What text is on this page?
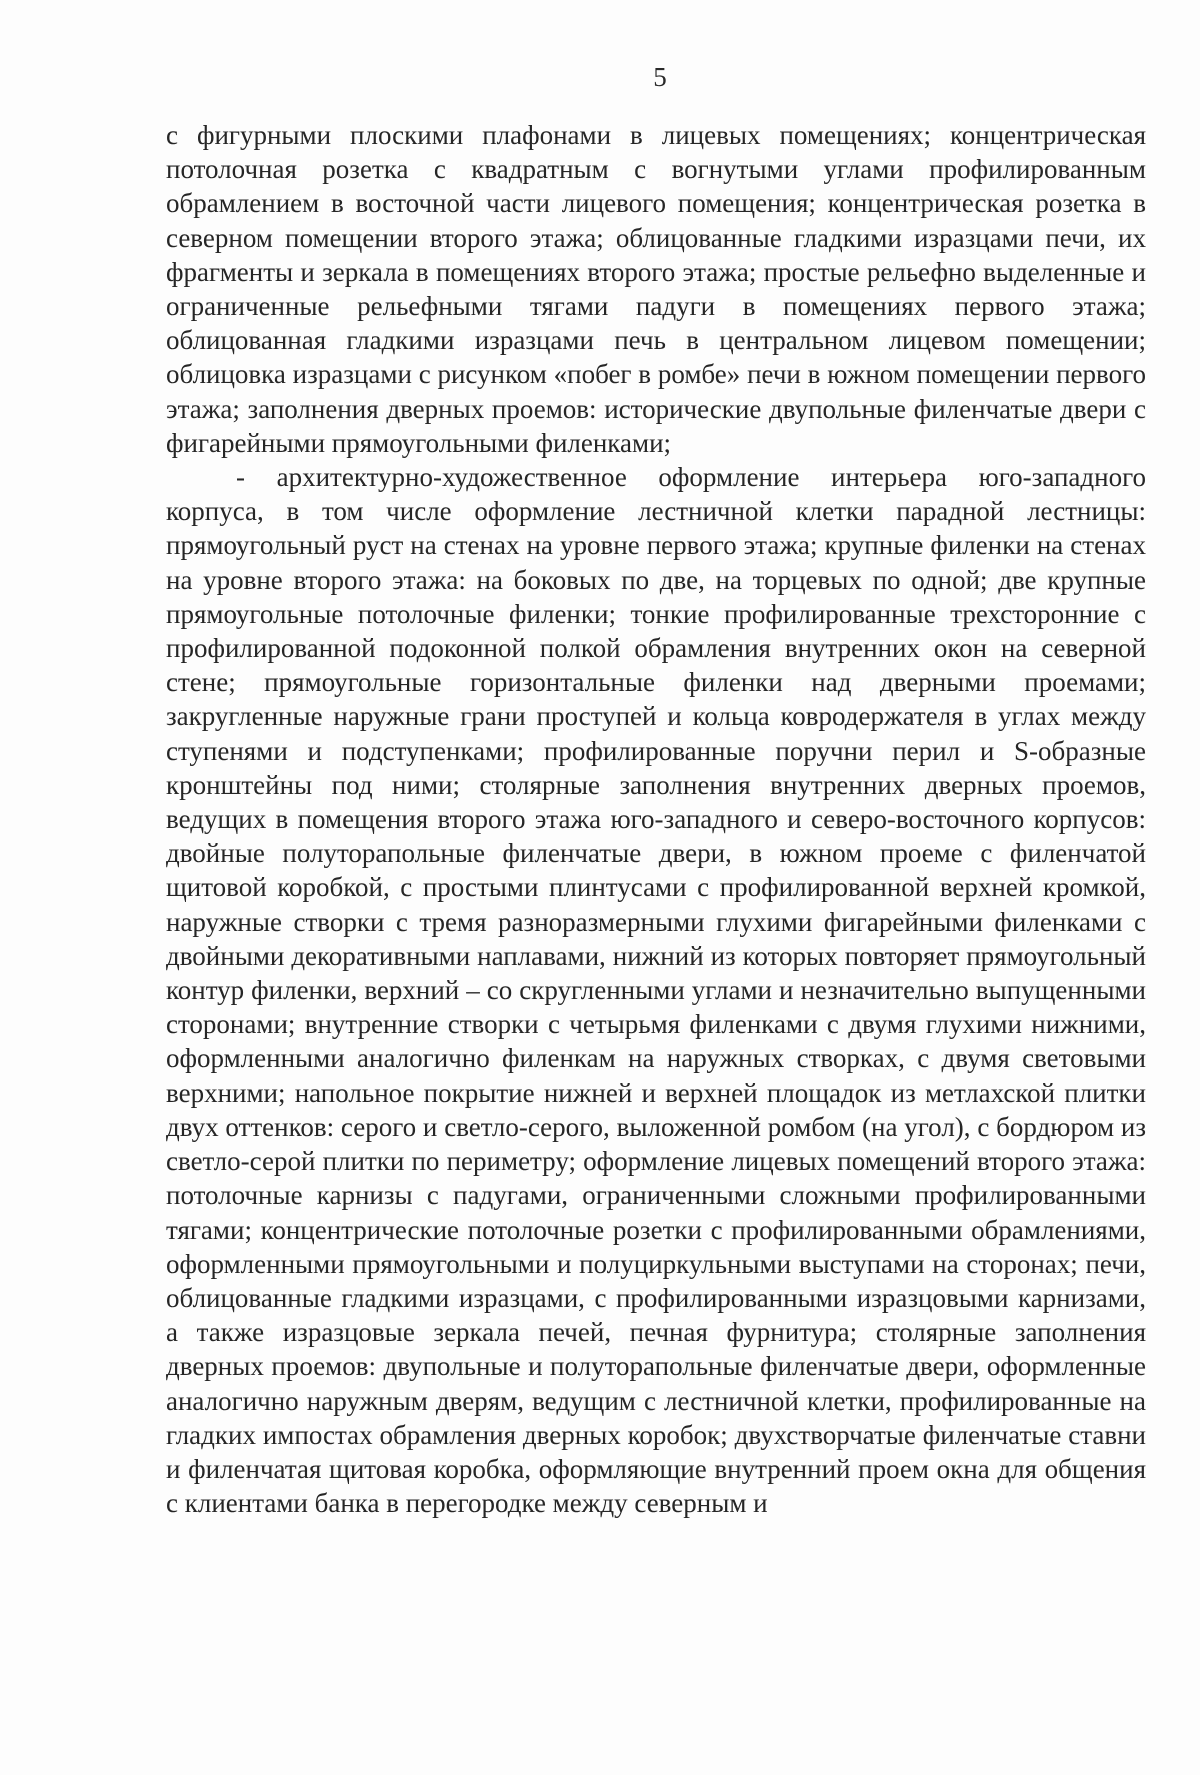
5

с фигурными плоскими плафонами в лицевых помещениях; концентрическая потолочная розетка с квадратным с вогнутыми углами профилированным обрамлением в восточной части лицевого помещения; концентрическая розетка в северном помещении второго этажа; облицованные гладкими изразцами печи, их фрагменты и зеркала в помещениях второго этажа; простые рельефно выделенные и ограниченные рельефными тягами падуги в помещениях первого этажа; облицованная гладкими изразцами печь в центральном лицевом помещении; облицовка изразцами с рисунком «побег в ромбе» печи в южном помещении первого этажа; заполнения дверных проемов: исторические двупольные филенчатые двери с фигарейными прямоугольными филенками;

- архитектурно-художественное оформление интерьера юго-западного корпуса, в том числе оформление лестничной клетки парадной лестницы: прямоугольный руст на стенах на уровне первого этажа; крупные филенки на стенах на уровне второго этажа: на боковых по две, на торцевых по одной; две крупные прямоугольные потолочные филенки; тонкие профилированные трехсторонние с профилированной подоконной полкой обрамления внутренних окон на северной стене; прямоугольные горизонтальные филенки над дверными проемами; закругленные наружные грани проступей и кольца ковродержателя в углах между ступенями и подступенками; профилированные поручни перил и S-образные кронштейны под ними; столярные заполнения внутренних дверных проемов, ведущих в помещения второго этажа юго-западного и северо-восточного корпусов: двойные полуторапольные филенчатые двери, в южном проеме с филенчатой щитовой коробкой, с простыми плинтусами с профилированной верхней кромкой, наружные створки с тремя разноразмерными глухими фигарейными филенками с двойными декоративными наплавами, нижний из которых повторяет прямоугольный контур филенки, верхний – со скругленными углами и незначительно выпущенными сторонами; внутренние створки с четырьмя филенками с двумя глухими нижними, оформленными аналогично филенкам на наружных створках, с двумя световыми верхними; напольное покрытие нижней и верхней площадок из метлахской плитки двух оттенков: серого и светло-серого, выложенной ромбом (на угол), с бордюром из светло-серой плитки по периметру; оформление лицевых помещений второго этажа: потолочные карнизы с падугами, ограниченными сложными профилированными тягами; концентрические потолочные розетки с профилированными обрамлениями, оформленными прямоугольными и полуциркульными выступами на сторонах; печи, облицованные гладкими изразцами, с профилированными изразцовыми карнизами, а также изразцовые зеркала печей, печная фурнитура; столярные заполнения дверных проемов: двупольные и полуторапольные филенчатые двери, оформленные аналогично наружным дверям, ведущим с лестничной клетки, профилированные на гладких импостах обрамления дверных коробок; двухстворчатые филенчатые ставни и филенчатая щитовая коробка, оформляющие внутренний проем окна для общения с клиентами банка в перегородке между северным и
